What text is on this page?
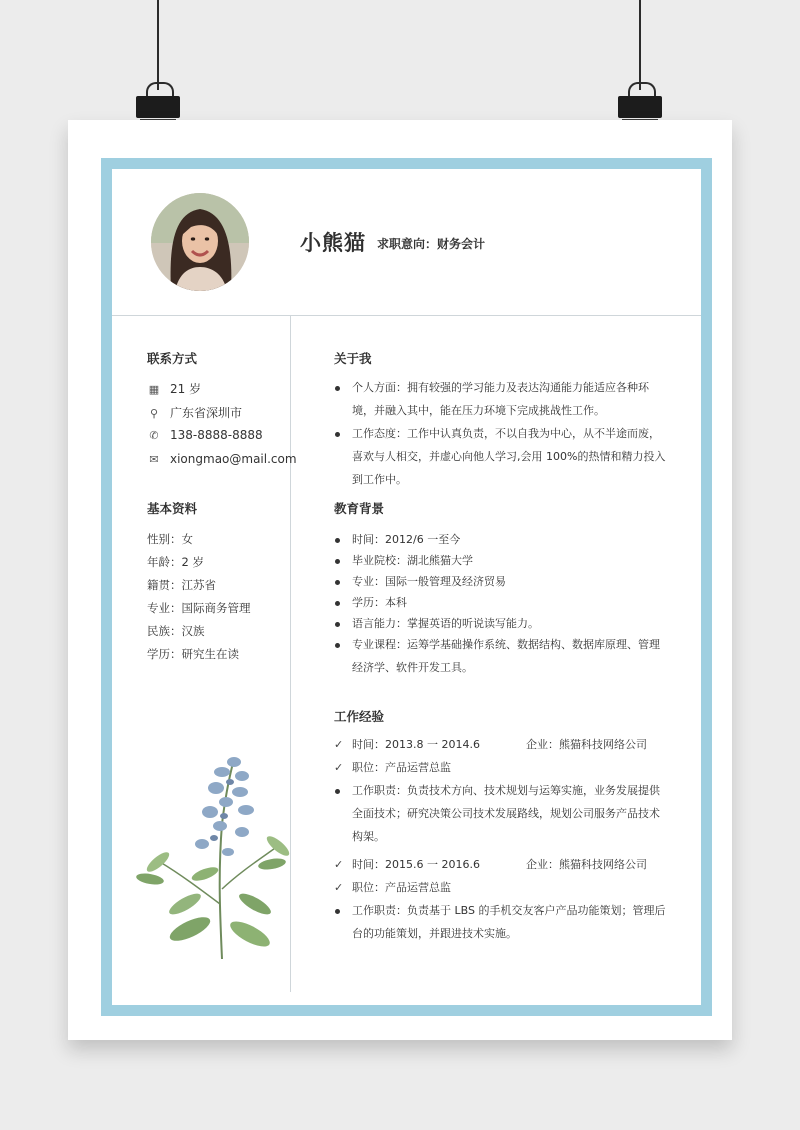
小熊猫 求职意向：财务会计
联系方式
▦ 21 岁
⚲ 广东省深圳市
✆ 138-8888-8888
✉ xiongmao@mail.com
基本资料
性别：女
年龄：2 岁
籍贯：江苏省
专业：国际商务管理
民族：汉族
学历：研究生在读
关于我
个人方面：拥有较强的学习能力及表达沟通能力能适应各种环境，并融入其中，能在压力环境下完成挑战性工作。
工作态度：工作中认真负责，不以自我为中心，从不半途而废，喜欢与人相交，并虚心向他人学习,会用 100%的热情和精力投入到工作中。
教育背景
时间：2012/6 一至今
毕业院校：湖北熊猫大学
专业：国际一般管理及经济贸易
学历：本科
语言能力：掌握英语的听说读写能力。
专业课程：运筹学基础操作系统、数据结构、数据库原理、管理经济学、软件开发工具。
工作经验
✓ 时间：2013.8 一 2014.6	企业：熊猫科技网络公司
✓ 职位：产品运营总监
工作职责：负责技术方向、技术规划与运筹实施，业务发展提供全面技术；研究决策公司技术发展路线，规划公司服务产品技术构架。
✓ 时间：2015.6 一 2016.6	企业：熊猫科技网络公司
✓ 职位：产品运营总监
工作职责：负责基于 LBS 的手机交友客户产品功能策划；管理后台的功能策划，并跟进技术实施。
